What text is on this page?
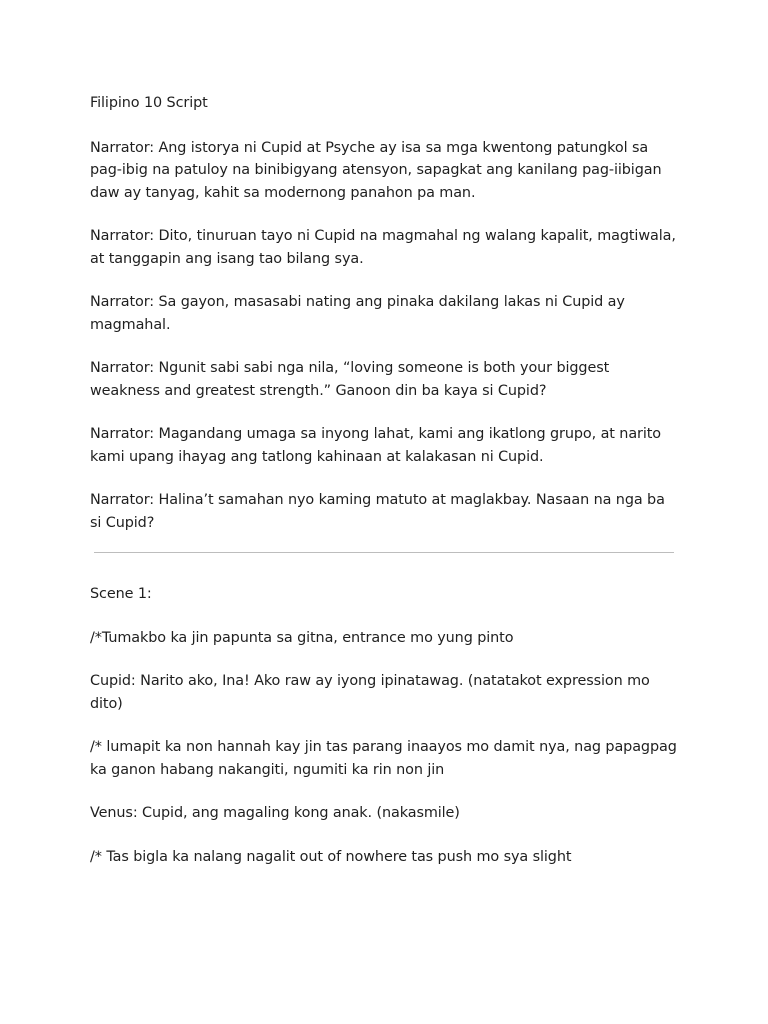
Filipino 10 Script

Narrator: Ang istorya ni Cupid at Psyche ay isa sa mga kwentong patungkol sa pag-ibig na patuloy na binibigyang atensyon, sapagkat ang kanilang pag-iibigan daw ay tanyag, kahit sa modernong panahon pa man.

Narrator: Dito, tinuruan tayo ni Cupid na magmahal ng walang kapalit, magtiwala, at tanggapin ang isang tao bilang sya.

Narrator: Sa gayon, masasabi nating ang pinaka dakilang lakas ni Cupid ay magmahal.

Narrator: Ngunit sabi sabi nga nila, “loving someone is both your biggest weakness and greatest strength.” Ganoon din ba kaya si Cupid?

Narrator: Magandang umaga sa inyong lahat, kami ang ikatlong grupo, at narito kami upang ihayag ang tatlong kahinaan at kalakasan ni Cupid.

Narrator: Halina’t samahan nyo kaming matuto at maglakbay. Nasaan na nga ba si Cupid?

Scene 1:

/*Tumakbo ka jin papunta sa gitna, entrance mo yung pinto

Cupid: Narito ako, Ina! Ako raw ay iyong ipinatawag. (natatakot expression mo dito)

/* lumapit ka non hannah kay jin tas parang inaayos mo damit nya, nag papagpag ka ganon habang nakangiti, ngumiti ka rin non jin

Venus: Cupid, ang magaling kong anak. (nakasmile)

/* Tas bigla ka nalang nagalit out of nowhere tas push mo sya slight
